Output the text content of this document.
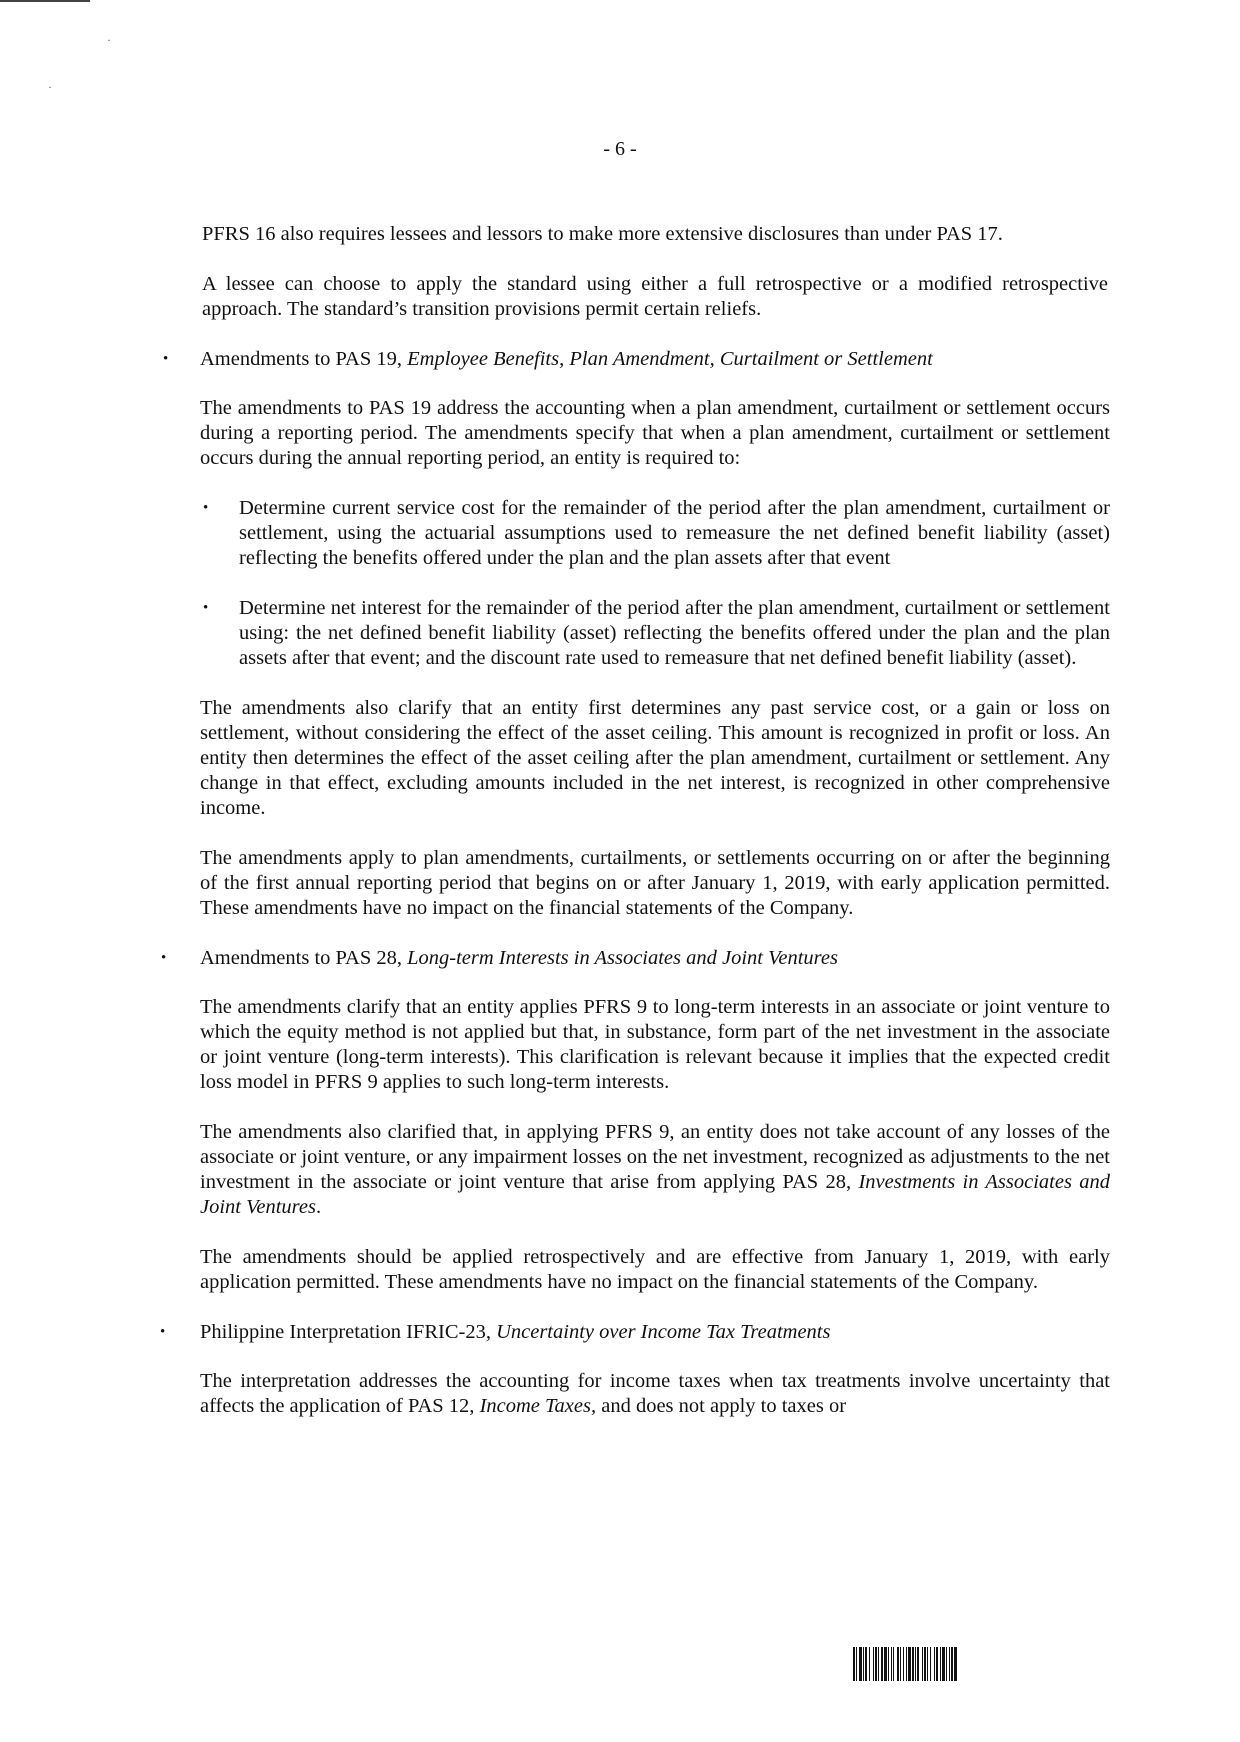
·
·
- 6 -

PFRS 16 also requires lessees and lessors to make more extensive disclosures than under PAS 17.

A lessee can choose to apply the standard using either a full retrospective or a modified retrospective approach. The standard’s transition provisions permit certain reliefs.

• Amendments to PAS 19, Employee Benefits, Plan Amendment, Curtailment or Settlement

The amendments to PAS 19 address the accounting when a plan amendment, curtailment or settlement occurs during a reporting period. The amendments specify that when a plan amendment, curtailment or settlement occurs during the annual reporting period, an entity is required to:

• Determine current service cost for the remainder of the period after the plan amendment, curtailment or settlement, using the actuarial assumptions used to remeasure the net defined benefit liability (asset) reflecting the benefits offered under the plan and the plan assets after that event

• Determine net interest for the remainder of the period after the plan amendment, curtailment or settlement using: the net defined benefit liability (asset) reflecting the benefits offered under the plan and the plan assets after that event; and the discount rate used to remeasure that net defined benefit liability (asset).

The amendments also clarify that an entity first determines any past service cost, or a gain or loss on settlement, without considering the effect of the asset ceiling. This amount is recognized in profit or loss. An entity then determines the effect of the asset ceiling after the plan amendment, curtailment or settlement. Any change in that effect, excluding amounts included in the net interest, is recognized in other comprehensive income.

The amendments apply to plan amendments, curtailments, or settlements occurring on or after the beginning of the first annual reporting period that begins on or after January 1, 2019, with early application permitted. These amendments have no impact on the financial statements of the Company.

• Amendments to PAS 28, Long-term Interests in Associates and Joint Ventures

The amendments clarify that an entity applies PFRS 9 to long-term interests in an associate or joint venture to which the equity method is not applied but that, in substance, form part of the net investment in the associate or joint venture (long-term interests). This clarification is relevant because it implies that the expected credit loss model in PFRS 9 applies to such long-term interests.

The amendments also clarified that, in applying PFRS 9, an entity does not take account of any losses of the associate or joint venture, or any impairment losses on the net investment, recognized as adjustments to the net investment in the associate or joint venture that arise from applying PAS 28, Investments in Associates and Joint Ventures.

The amendments should be applied retrospectively and are effective from January 1, 2019, with early application permitted. These amendments have no impact on the financial statements of the Company.

• Philippine Interpretation IFRIC-23, Uncertainty over Income Tax Treatments

The interpretation addresses the accounting for income taxes when tax treatments involve uncertainty that affects the application of PAS 12, Income Taxes, and does not apply to taxes or
